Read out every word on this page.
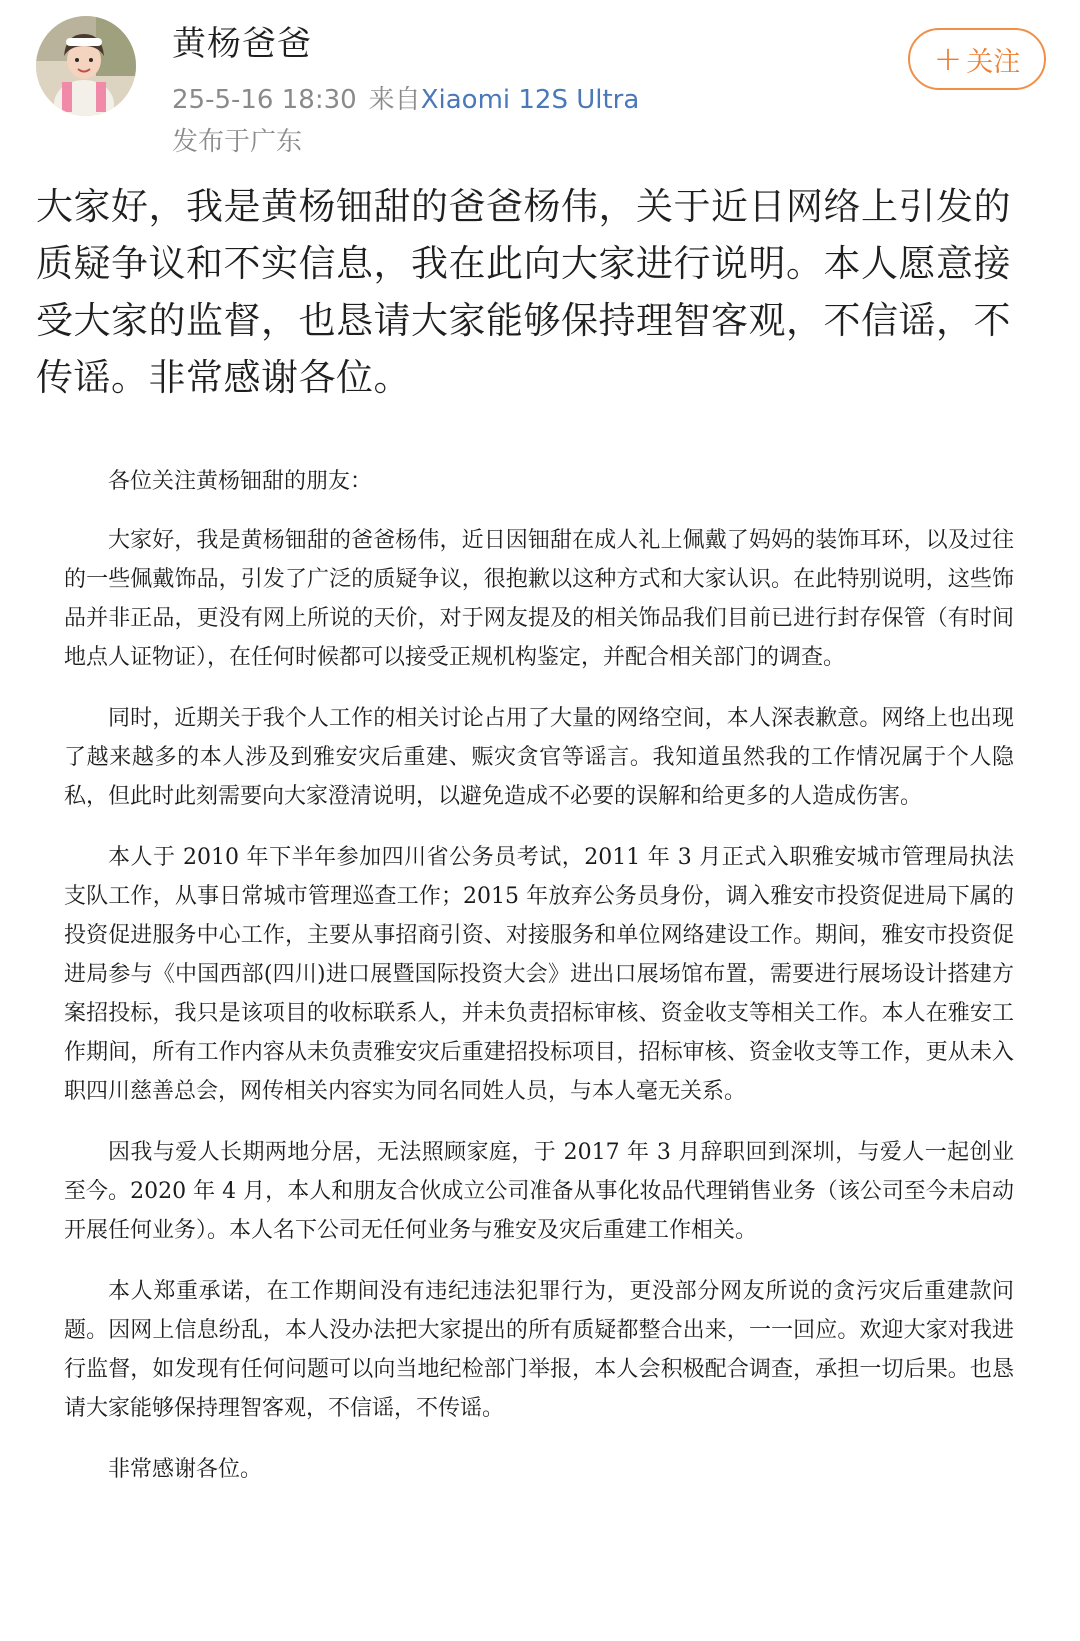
黄杨爸爸
25-5-16 18:30 来自Xiaomi 12S Ultra
发布于广东
+ 关注

大家好，我是黄杨钿甜的爸爸杨伟，关于近日网络上引发的质疑争议和不实信息，我在此向大家进行说明。本人愿意接受大家的监督，也恳请大家能够保持理智客观，不信谣，不传谣。非常感谢各位。

各位关注黄杨钿甜的朋友：

大家好，我是黄杨钿甜的爸爸杨伟，近日因钿甜在成人礼上佩戴了妈妈的装饰耳环，以及过往的一些佩戴饰品，引发了广泛的质疑争议，很抱歉以这种方式和大家认识。在此特别说明，这些饰品并非正品，更没有网上所说的天价，对于网友提及的相关饰品我们目前已进行封存保管（有时间地点人证物证），在任何时候都可以接受正规机构鉴定，并配合相关部门的调查。

同时，近期关于我个人工作的相关讨论占用了大量的网络空间，本人深表歉意。网络上也出现了越来越多的本人涉及到雅安灾后重建、赈灾贪官等谣言。我知道虽然我的工作情况属于个人隐私，但此时此刻需要向大家澄清说明，以避免造成不必要的误解和给更多的人造成伤害。

本人于 2010 年下半年参加四川省公务员考试，2011 年 3 月正式入职雅安城市管理局执法支队工作，从事日常城市管理巡查工作；2015 年放弃公务员身份，调入雅安市投资促进局下属的投资促进服务中心工作，主要从事招商引资、对接服务和单位网络建设工作。期间，雅安市投资促进局参与《中国西部(四川)进口展暨国际投资大会》进出口展场馆布置，需要进行展场设计搭建方案招投标，我只是该项目的收标联系人，并未负责招标审核、资金收支等相关工作。本人在雅安工作期间，所有工作内容从未负责雅安灾后重建招投标项目，招标审核、资金收支等工作，更从未入职四川慈善总会，网传相关内容实为同名同姓人员，与本人毫无关系。

因我与爱人长期两地分居，无法照顾家庭，于 2017 年 3 月辞职回到深圳，与爱人一起创业至今。2020 年 4 月，本人和朋友合伙成立公司准备从事化妆品代理销售业务（该公司至今未启动开展任何业务）。本人名下公司无任何业务与雅安及灾后重建工作相关。

本人郑重承诺，在工作期间没有违纪违法犯罪行为，更没部分网友所说的贪污灾后重建款问题。因网上信息纷乱，本人没办法把大家提出的所有质疑都整合出来，一一回应。欢迎大家对我进行监督，如发现有任何问题可以向当地纪检部门举报，本人会积极配合调查，承担一切后果。也恳请大家能够保持理智客观，不信谣，不传谣。

非常感谢各位。
